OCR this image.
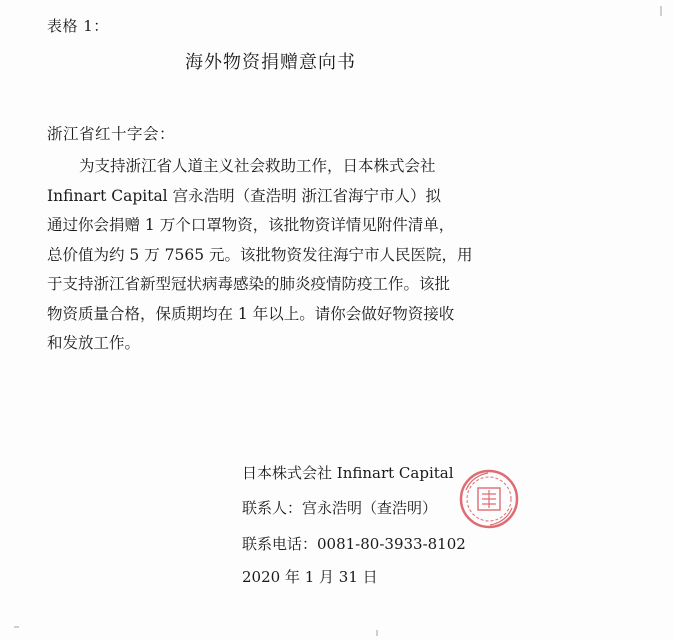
表格 1：
海外物资捐赠意向书
浙江省红十字会：
为支持浙江省人道主义社会救助工作，日本株式会社
Infinart Capital 宫永浩明（查浩明 浙江省海宁市人）拟
通过你会捐赠 1 万个口罩物资，该批物资详情见附件清单，
总价值为约 5 万 7565 元。该批物资发往海宁市人民医院，用
于支持浙江省新型冠状病毒感染的肺炎疫情防疫工作。该批
物资质量合格，保质期均在 1 年以上。请你会做好物资接收
和发放工作。
日本株式会社 Infinart Capital
联系人：宫永浩明（查浩明）
联系电话：0081-80-3933-8102
2020 年 1 月 31 日
